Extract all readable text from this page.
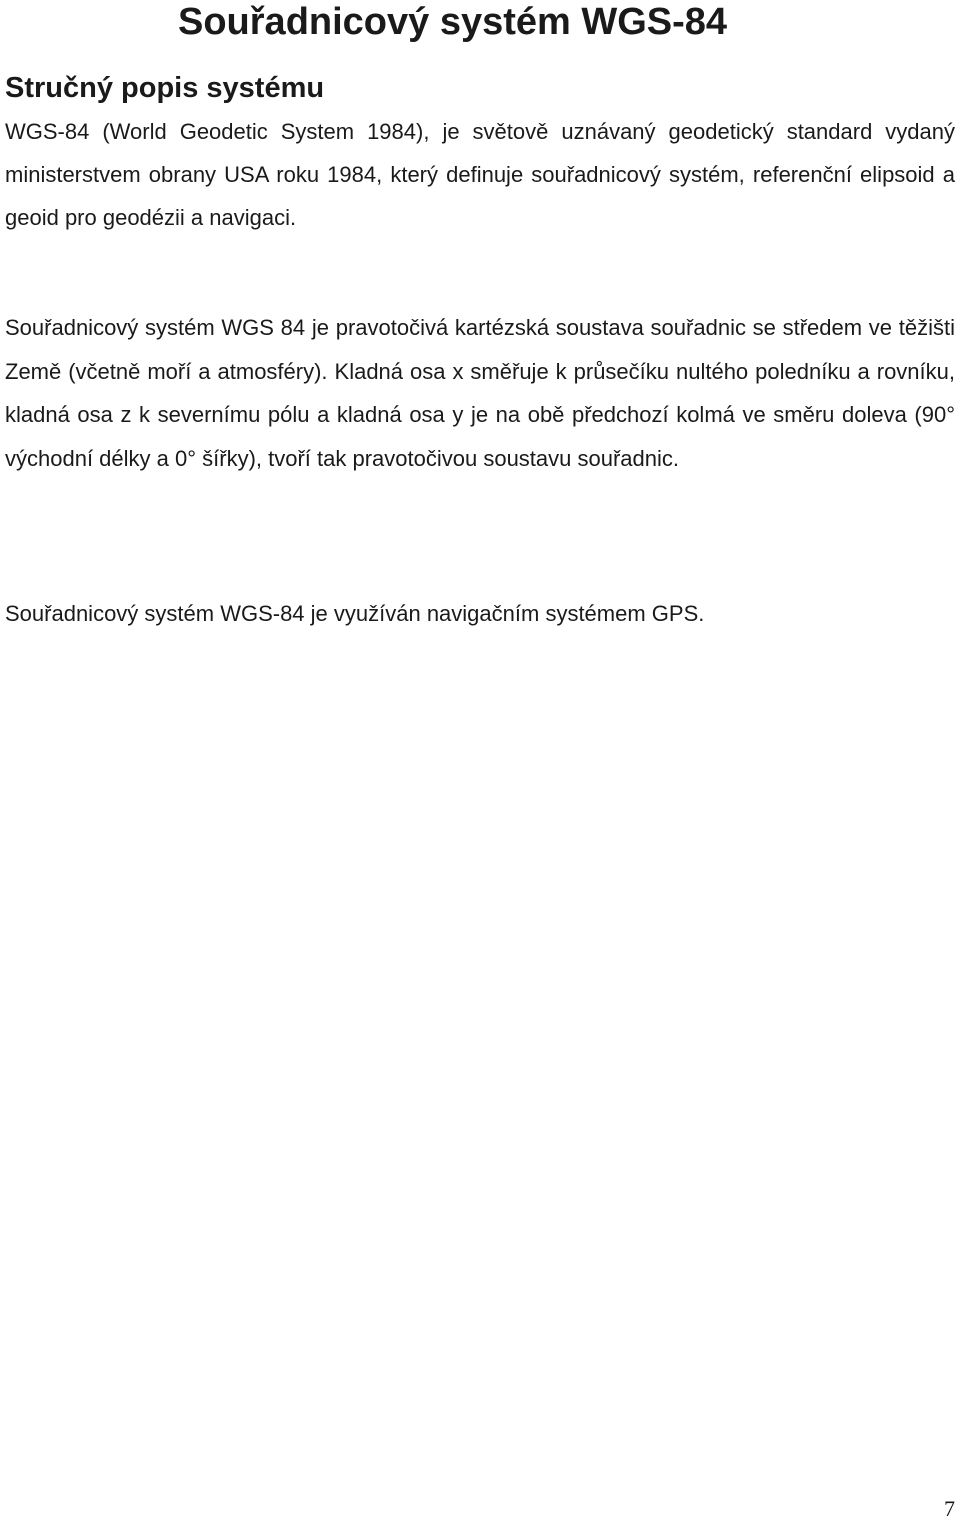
Souřadnicový systém WGS-84
Stručný popis systému

WGS-84 (World Geodetic System 1984), je světově uznávaný geodetický standard vydaný ministerstvem obrany USA roku 1984, který definuje souřadnicový systém, referenční elipsoid a geoid pro geodézii a navigaci.

Souřadnicový systém WGS 84 je pravotočivá kartézská soustava souřadnic se středem ve těžišti Země (včetně moří a atmosféry). Kladná osa x směřuje k průsečíku nultého poledníku a rovníku, kladná osa z k severnímu pólu a kladná osa y je na obě předchozí kolmá ve směru doleva (90° východní délky a 0° šířky), tvoří tak pravotočivou soustavu souřadnic.

Souřadnicový systém WGS-84 je využíván navigačním systémem GPS.

7
